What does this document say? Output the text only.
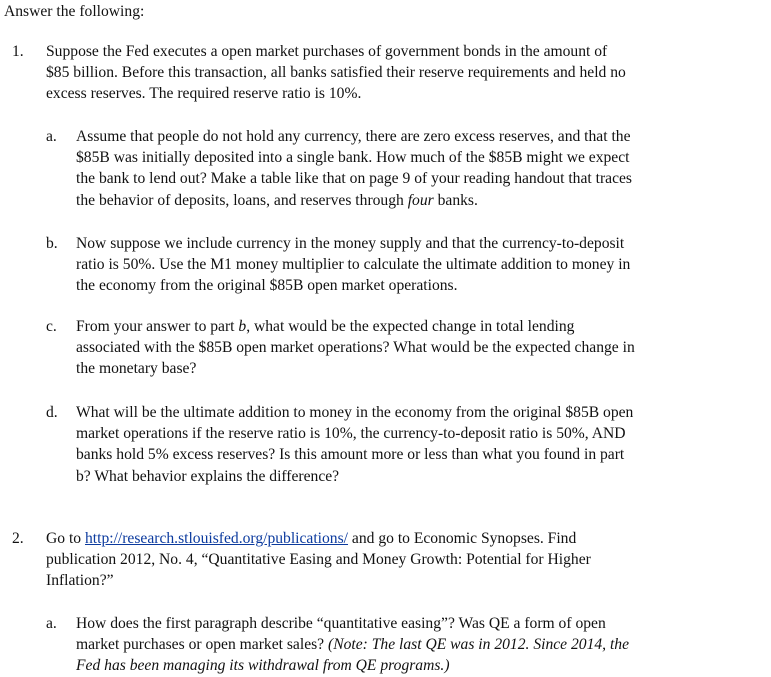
Answer the following:
1. Suppose the Fed executes a open market purchases of government bonds in the amount of
$85 billion. Before this transaction, all banks satisfied their reserve requirements and held no
excess reserves. The required reserve ratio is 10%.
a. Assume that people do not hold any currency, there are zero excess reserves, and that the
$85B was initially deposited into a single bank. How much of the $85B might we expect
the bank to lend out? Make a table like that on page 9 of your reading handout that traces
the behavior of deposits, loans, and reserves through four banks.
b. Now suppose we include currency in the money supply and that the currency-to-deposit
ratio is 50%. Use the M1 money multiplier to calculate the ultimate addition to money in
the economy from the original $85B open market operations.
c. From your answer to part b, what would be the expected change in total lending
associated with the $85B open market operations? What would be the expected change in
the monetary base?
d. What will be the ultimate addition to money in the economy from the original $85B open
market operations if the reserve ratio is 10%, the currency-to-deposit ratio is 50%, AND
banks hold 5% excess reserves? Is this amount more or less than what you found in part
b? What behavior explains the difference?
2. Go to http://research.stlouisfed.org/publications/ and go to Economic Synopses. Find
publication 2012, No. 4, “Quantitative Easing and Money Growth: Potential for Higher
Inflation?”
a. How does the first paragraph describe “quantitative easing”? Was QE a form of open
market purchases or open market sales? (Note: The last QE was in 2012. Since 2014, the
Fed has been managing its withdrawal from QE programs.)
